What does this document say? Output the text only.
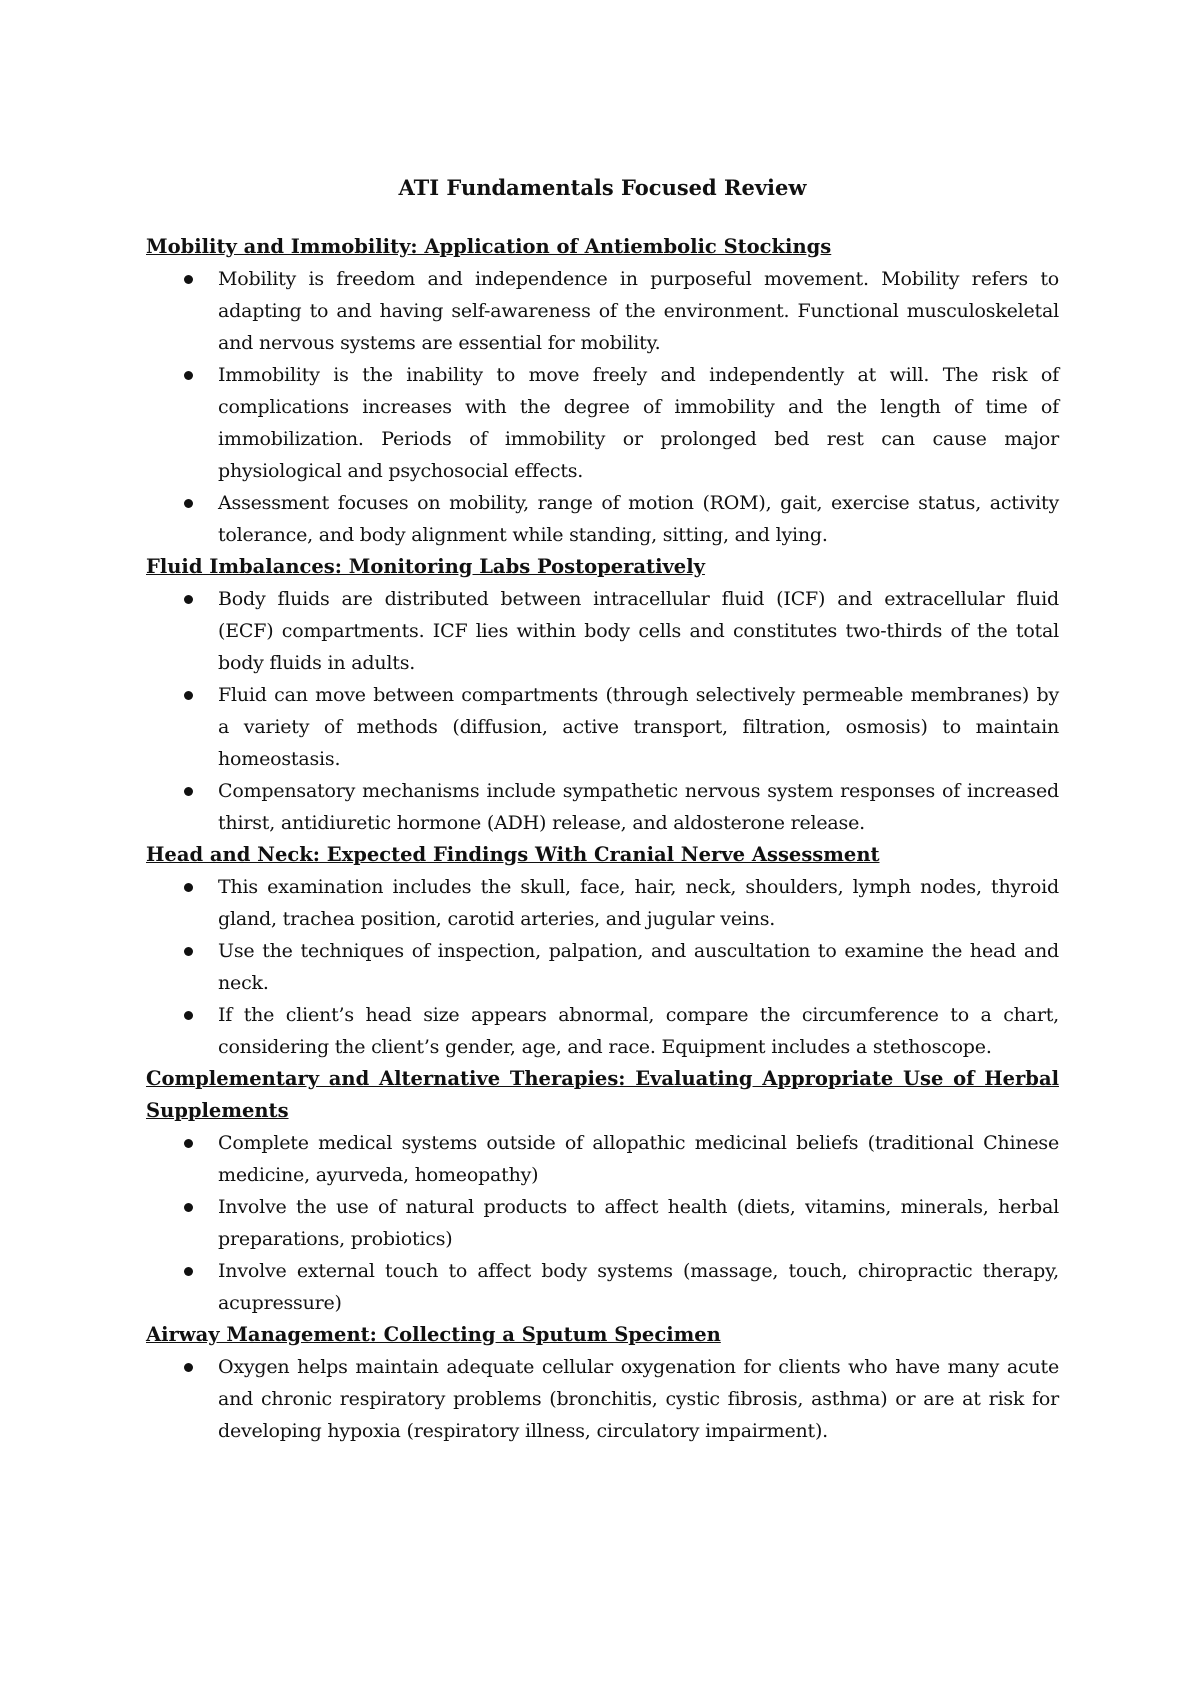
ATI Fundamentals Focused Review
Mobility and Immobility: Application of Antiembolic Stockings
Mobility is freedom and independence in purposeful movement. Mobility refers to adapting to and having self-awareness of the environment. Functional musculoskeletal and nervous systems are essential for mobility.
Immobility is the inability to move freely and independently at will. The risk of complications increases with the degree of immobility and the length of time of immobilization. Periods of immobility or prolonged bed rest can cause major physiological and psychosocial effects.
Assessment focuses on mobility, range of motion (ROM), gait, exercise status, activity tolerance, and body alignment while standing, sitting, and lying.
Fluid Imbalances: Monitoring Labs Postoperatively
Body fluids are distributed between intracellular fluid (ICF) and extracellular fluid (ECF) compartments. ICF lies within body cells and constitutes two-thirds of the total body fluids in adults.
Fluid can move between compartments (through selectively permeable membranes) by a variety of methods (diffusion, active transport, filtration, osmosis) to maintain homeostasis.
Compensatory mechanisms include sympathetic nervous system responses of increased thirst, antidiuretic hormone (ADH) release, and aldosterone release.
Head and Neck: Expected Findings With Cranial Nerve Assessment
This examination includes the skull, face, hair, neck, shoulders, lymph nodes, thyroid gland, trachea position, carotid arteries, and jugular veins.
Use the techniques of inspection, palpation, and auscultation to examine the head and neck.
If the client’s head size appears abnormal, compare the circumference to a chart, considering the client’s gender, age, and race. Equipment includes a stethoscope.
Complementary and Alternative Therapies: Evaluating Appropriate Use of Herbal Supplements
Complete medical systems outside of allopathic medicinal beliefs (traditional Chinese medicine, ayurveda, homeopathy)
Involve the use of natural products to affect health (diets, vitamins, minerals, herbal preparations, probiotics)
Involve external touch to affect body systems (massage, touch, chiropractic therapy, acupressure)
Airway Management: Collecting a Sputum Specimen
Oxygen helps maintain adequate cellular oxygenation for clients who have many acute and chronic respiratory problems (bronchitis, cystic fibrosis, asthma) or are at risk for developing hypoxia (respiratory illness, circulatory impairment).
